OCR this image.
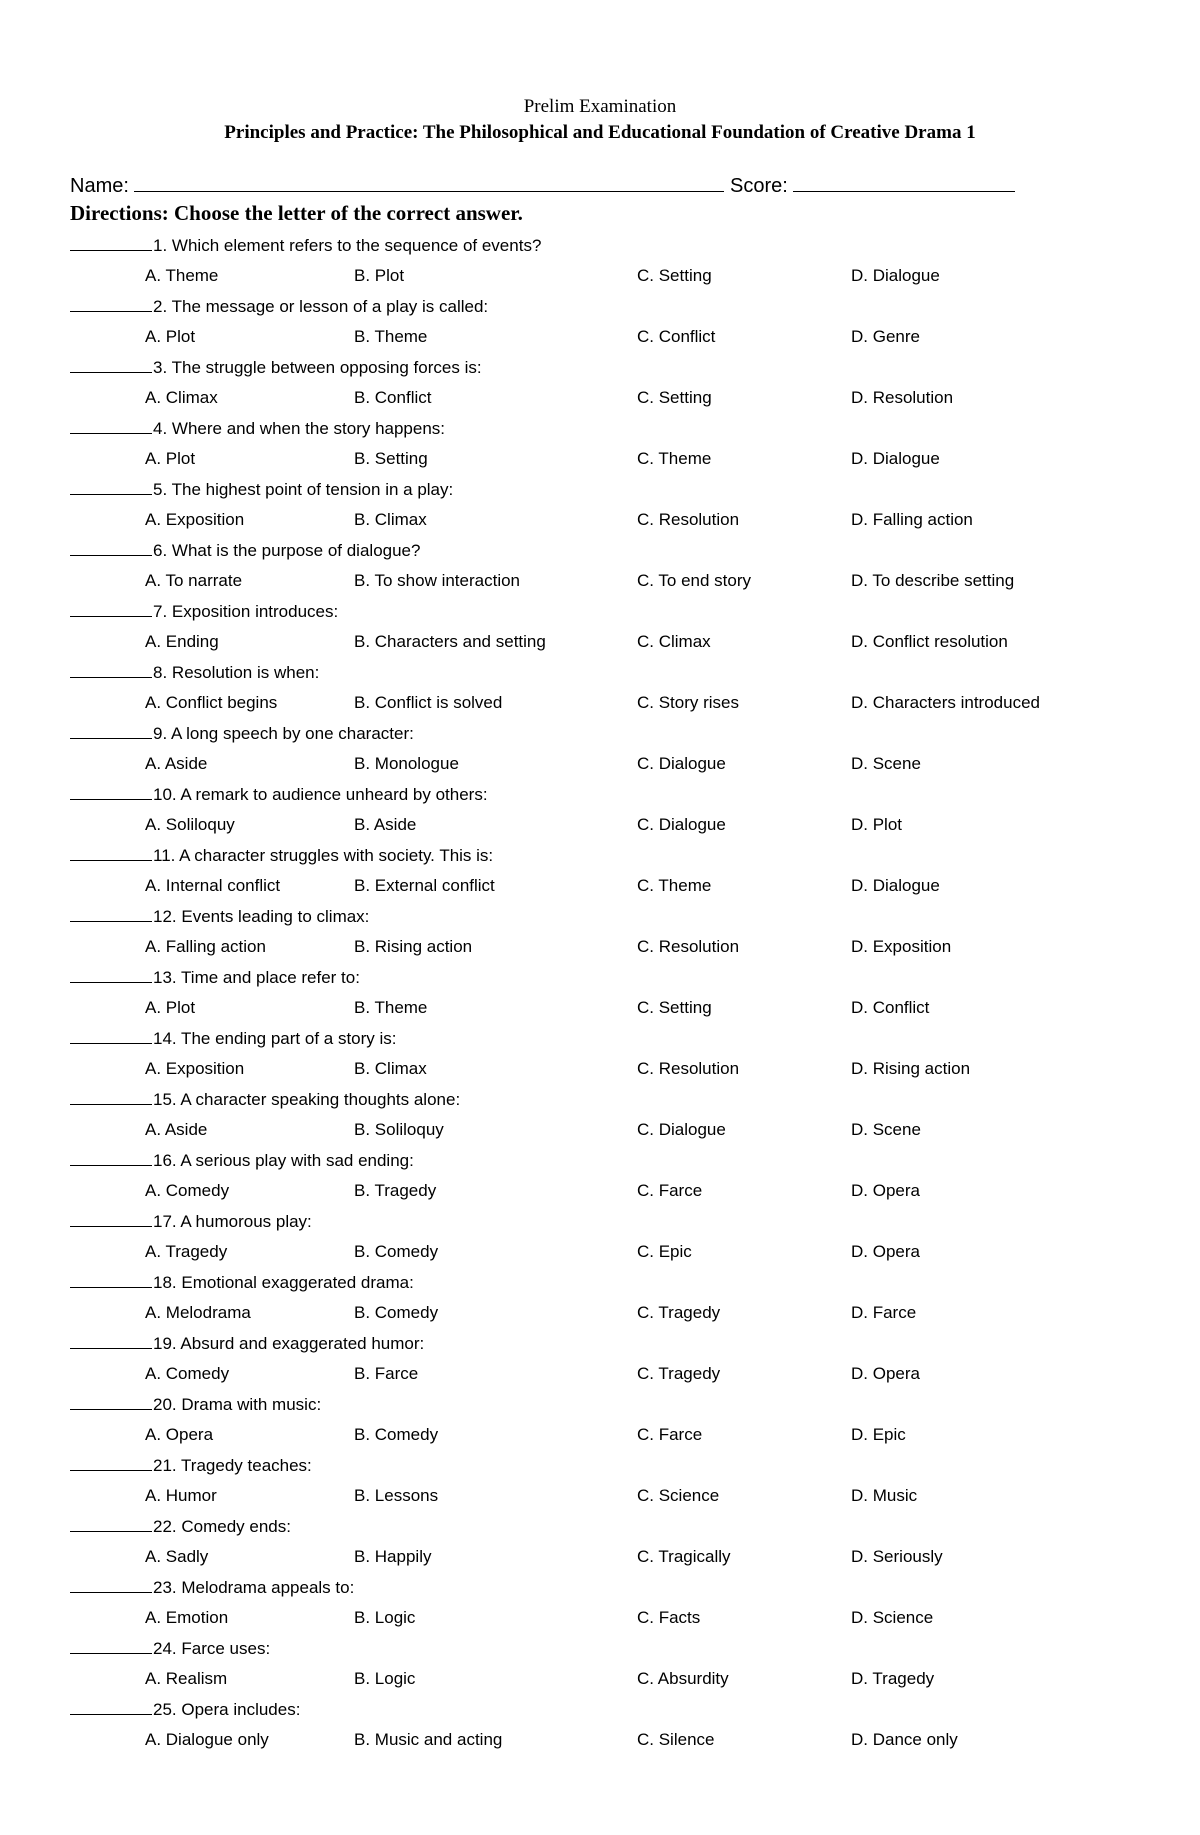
Prelim Examination
Principles and Practice: The Philosophical and Educational Foundation of Creative Drama 1
Name:	Score:
Directions: Choose the letter of the correct answer.
1. Which element refers to the sequence of events?
A. Theme	B. Plot	C. Setting	D. Dialogue
2. The message or lesson of a play is called:
A. Plot	B. Theme	C. Conflict	D. Genre
3. The struggle between opposing forces is:
A. Climax	B. Conflict	C. Setting	D. Resolution
4. Where and when the story happens:
A. Plot	B. Setting	C. Theme	D. Dialogue
5. The highest point of tension in a play:
A. Exposition	B. Climax	C. Resolution	D. Falling action
6. What is the purpose of dialogue?
A. To narrate	B. To show interaction	C. To end story	D. To describe setting
7. Exposition introduces:
A. Ending	B. Characters and setting	C. Climax	D. Conflict resolution
8. Resolution is when:
A. Conflict begins	B. Conflict is solved	C. Story rises	D. Characters introduced
9. A long speech by one character:
A. Aside	B. Monologue	C. Dialogue	D. Scene
10. A remark to audience unheard by others:
A. Soliloquy	B. Aside	C. Dialogue	D. Plot
11. A character struggles with society. This is:
A. Internal conflict	B. External conflict	C. Theme	D. Dialogue
12. Events leading to climax:
A. Falling action	B. Rising action	C. Resolution	D. Exposition
13. Time and place refer to:
A. Plot	B. Theme	C. Setting	D. Conflict
14. The ending part of a story is:
A. Exposition	B. Climax	C. Resolution	D. Rising action
15. A character speaking thoughts alone:
A. Aside	B. Soliloquy	C. Dialogue	D. Scene
16. A serious play with sad ending:
A. Comedy	B. Tragedy	C. Farce	D. Opera
17. A humorous play:
A. Tragedy	B. Comedy	C. Epic	D. Opera
18. Emotional exaggerated drama:
A. Melodrama	B. Comedy	C. Tragedy	D. Farce
19. Absurd and exaggerated humor:
A. Comedy	B. Farce	C. Tragedy	D. Opera
20. Drama with music:
A. Opera	B. Comedy	C. Farce	D. Epic
21. Tragedy teaches:
A. Humor	B. Lessons	C. Science	D. Music
22. Comedy ends:
A. Sadly	B. Happily	C. Tragically	D. Seriously
23. Melodrama appeals to:
A. Emotion	B. Logic	C. Facts	D. Science
24. Farce uses:
A. Realism	B. Logic	C. Absurdity	D. Tragedy
25. Opera includes:
A. Dialogue only	B. Music and acting	C. Silence	D. Dance only
